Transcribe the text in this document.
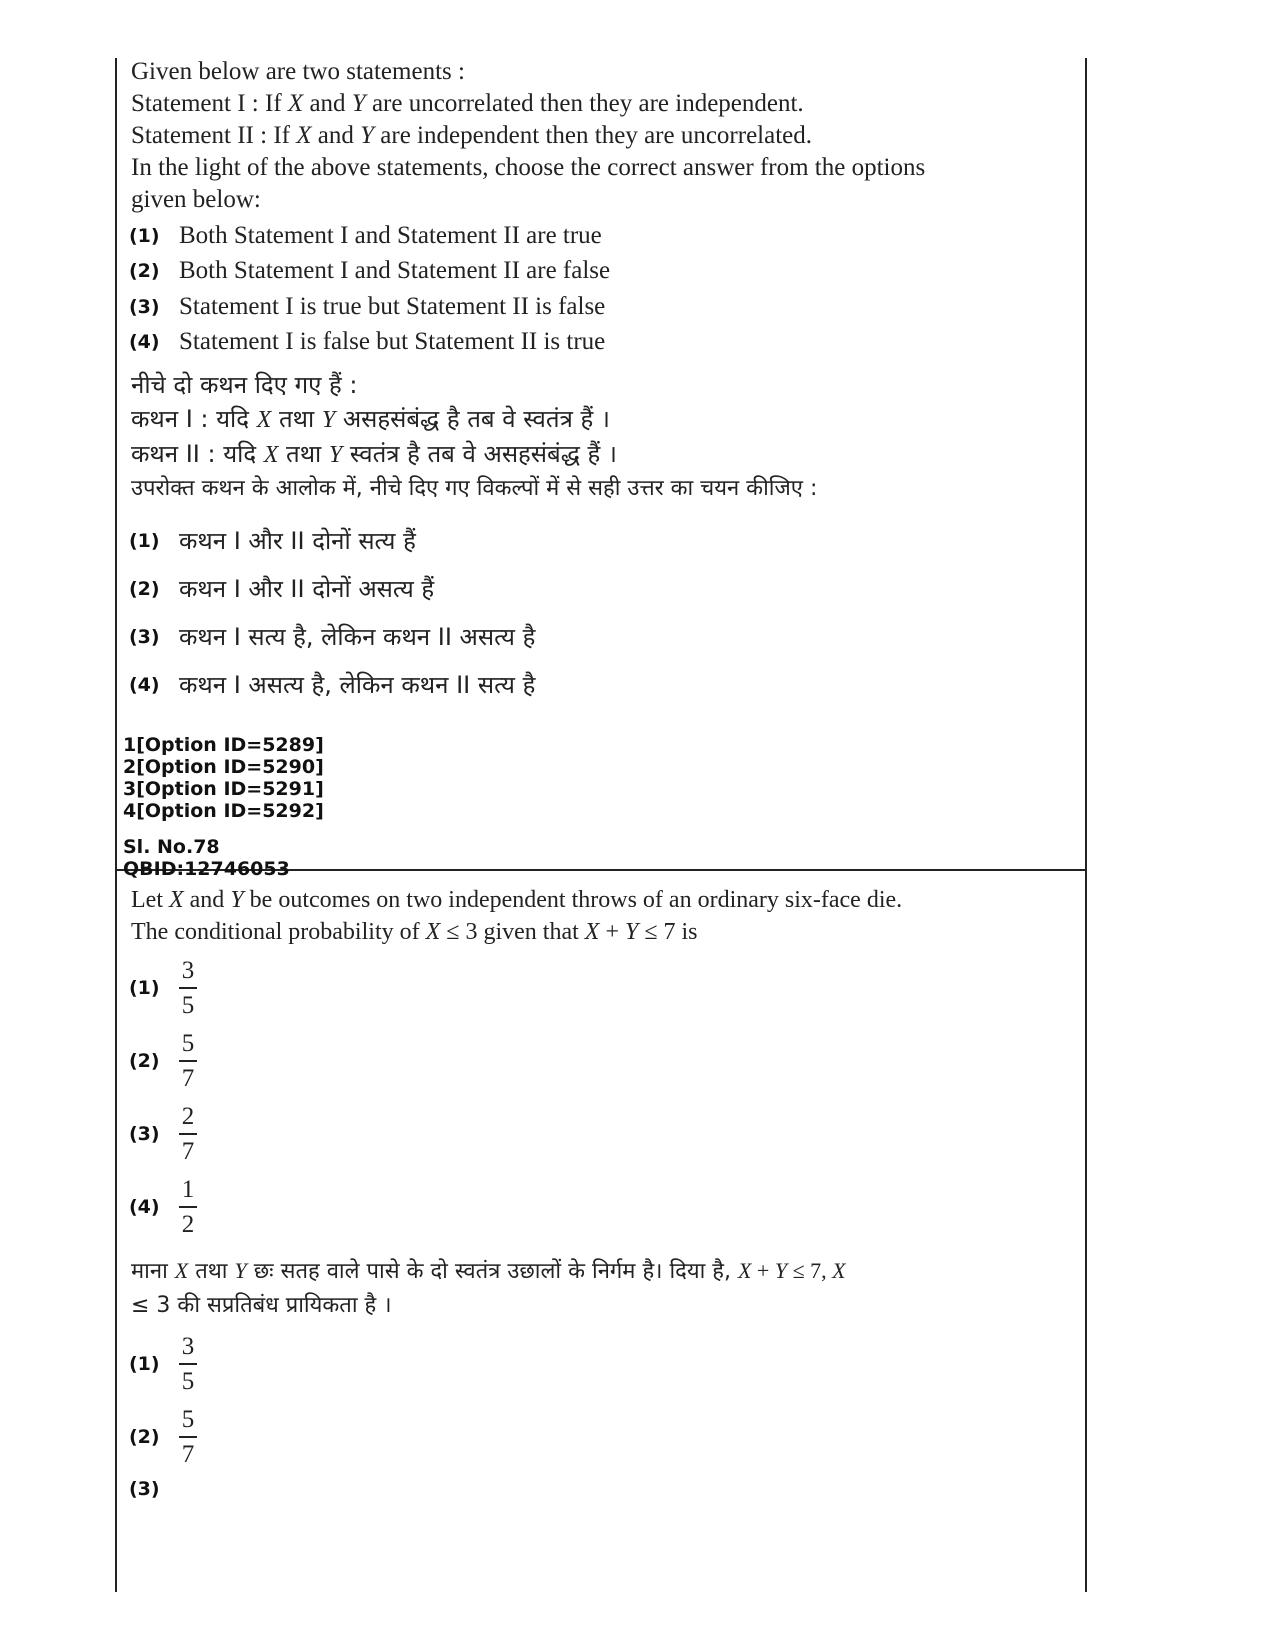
Given below are two statements :
Statement I : If X and Y are uncorrelated then they are independent.
Statement II : If X and Y are independent then they are uncorrelated.
In the light of the above statements, choose the correct answer from the options
given below:
(1) Both Statement I and Statement II are true
(2) Both Statement I and Statement II are false
(3) Statement I is true but Statement II is false
(4) Statement I is false but Statement II is true
नीचे दो कथन दिए गए हैं :
कथन I : यदि X तथा Y असहसंबंद्ध है तब वे स्वतंत्र हैं ।
कथन II : यदि X तथा Y स्वतंत्र है तब वे असहसंबंद्ध हैं ।
उपरोक्त कथन के आलोक में, नीचे दिए गए विकल्पों में से सही उत्तर का चयन कीजिए :
(1) कथन I और II दोनों सत्य हैं
(2) कथन I और II दोनों असत्य हैं
(3) कथन I सत्य है, लेकिन कथन II असत्य है
(4) कथन I असत्य है, लेकिन कथन II सत्य है
1[Option ID=5289]
2[Option ID=5290]
3[Option ID=5291]
4[Option ID=5292]
Sl. No.78
QBID:12746053
Let X and Y be outcomes on two independent throws of an ordinary six-face die.
The conditional probability of X ≤ 3 given that X + Y ≤ 7 is
$(1) \frac{3}{5}$
$(2) \frac{5}{7}$
$(3) \frac{2}{7}$
$(4) \frac{1}{2}$
माना X तथा Y छः सतह वाले पासे के दो स्वतंत्र उछालों के निर्गम है। दिया है, X + Y ≤ 7, X
≤ 3 की सप्रतिबंध प्रायिकता है ।
$(1) \frac{3}{5}$
$(2) \frac{5}{7}$
(3)
